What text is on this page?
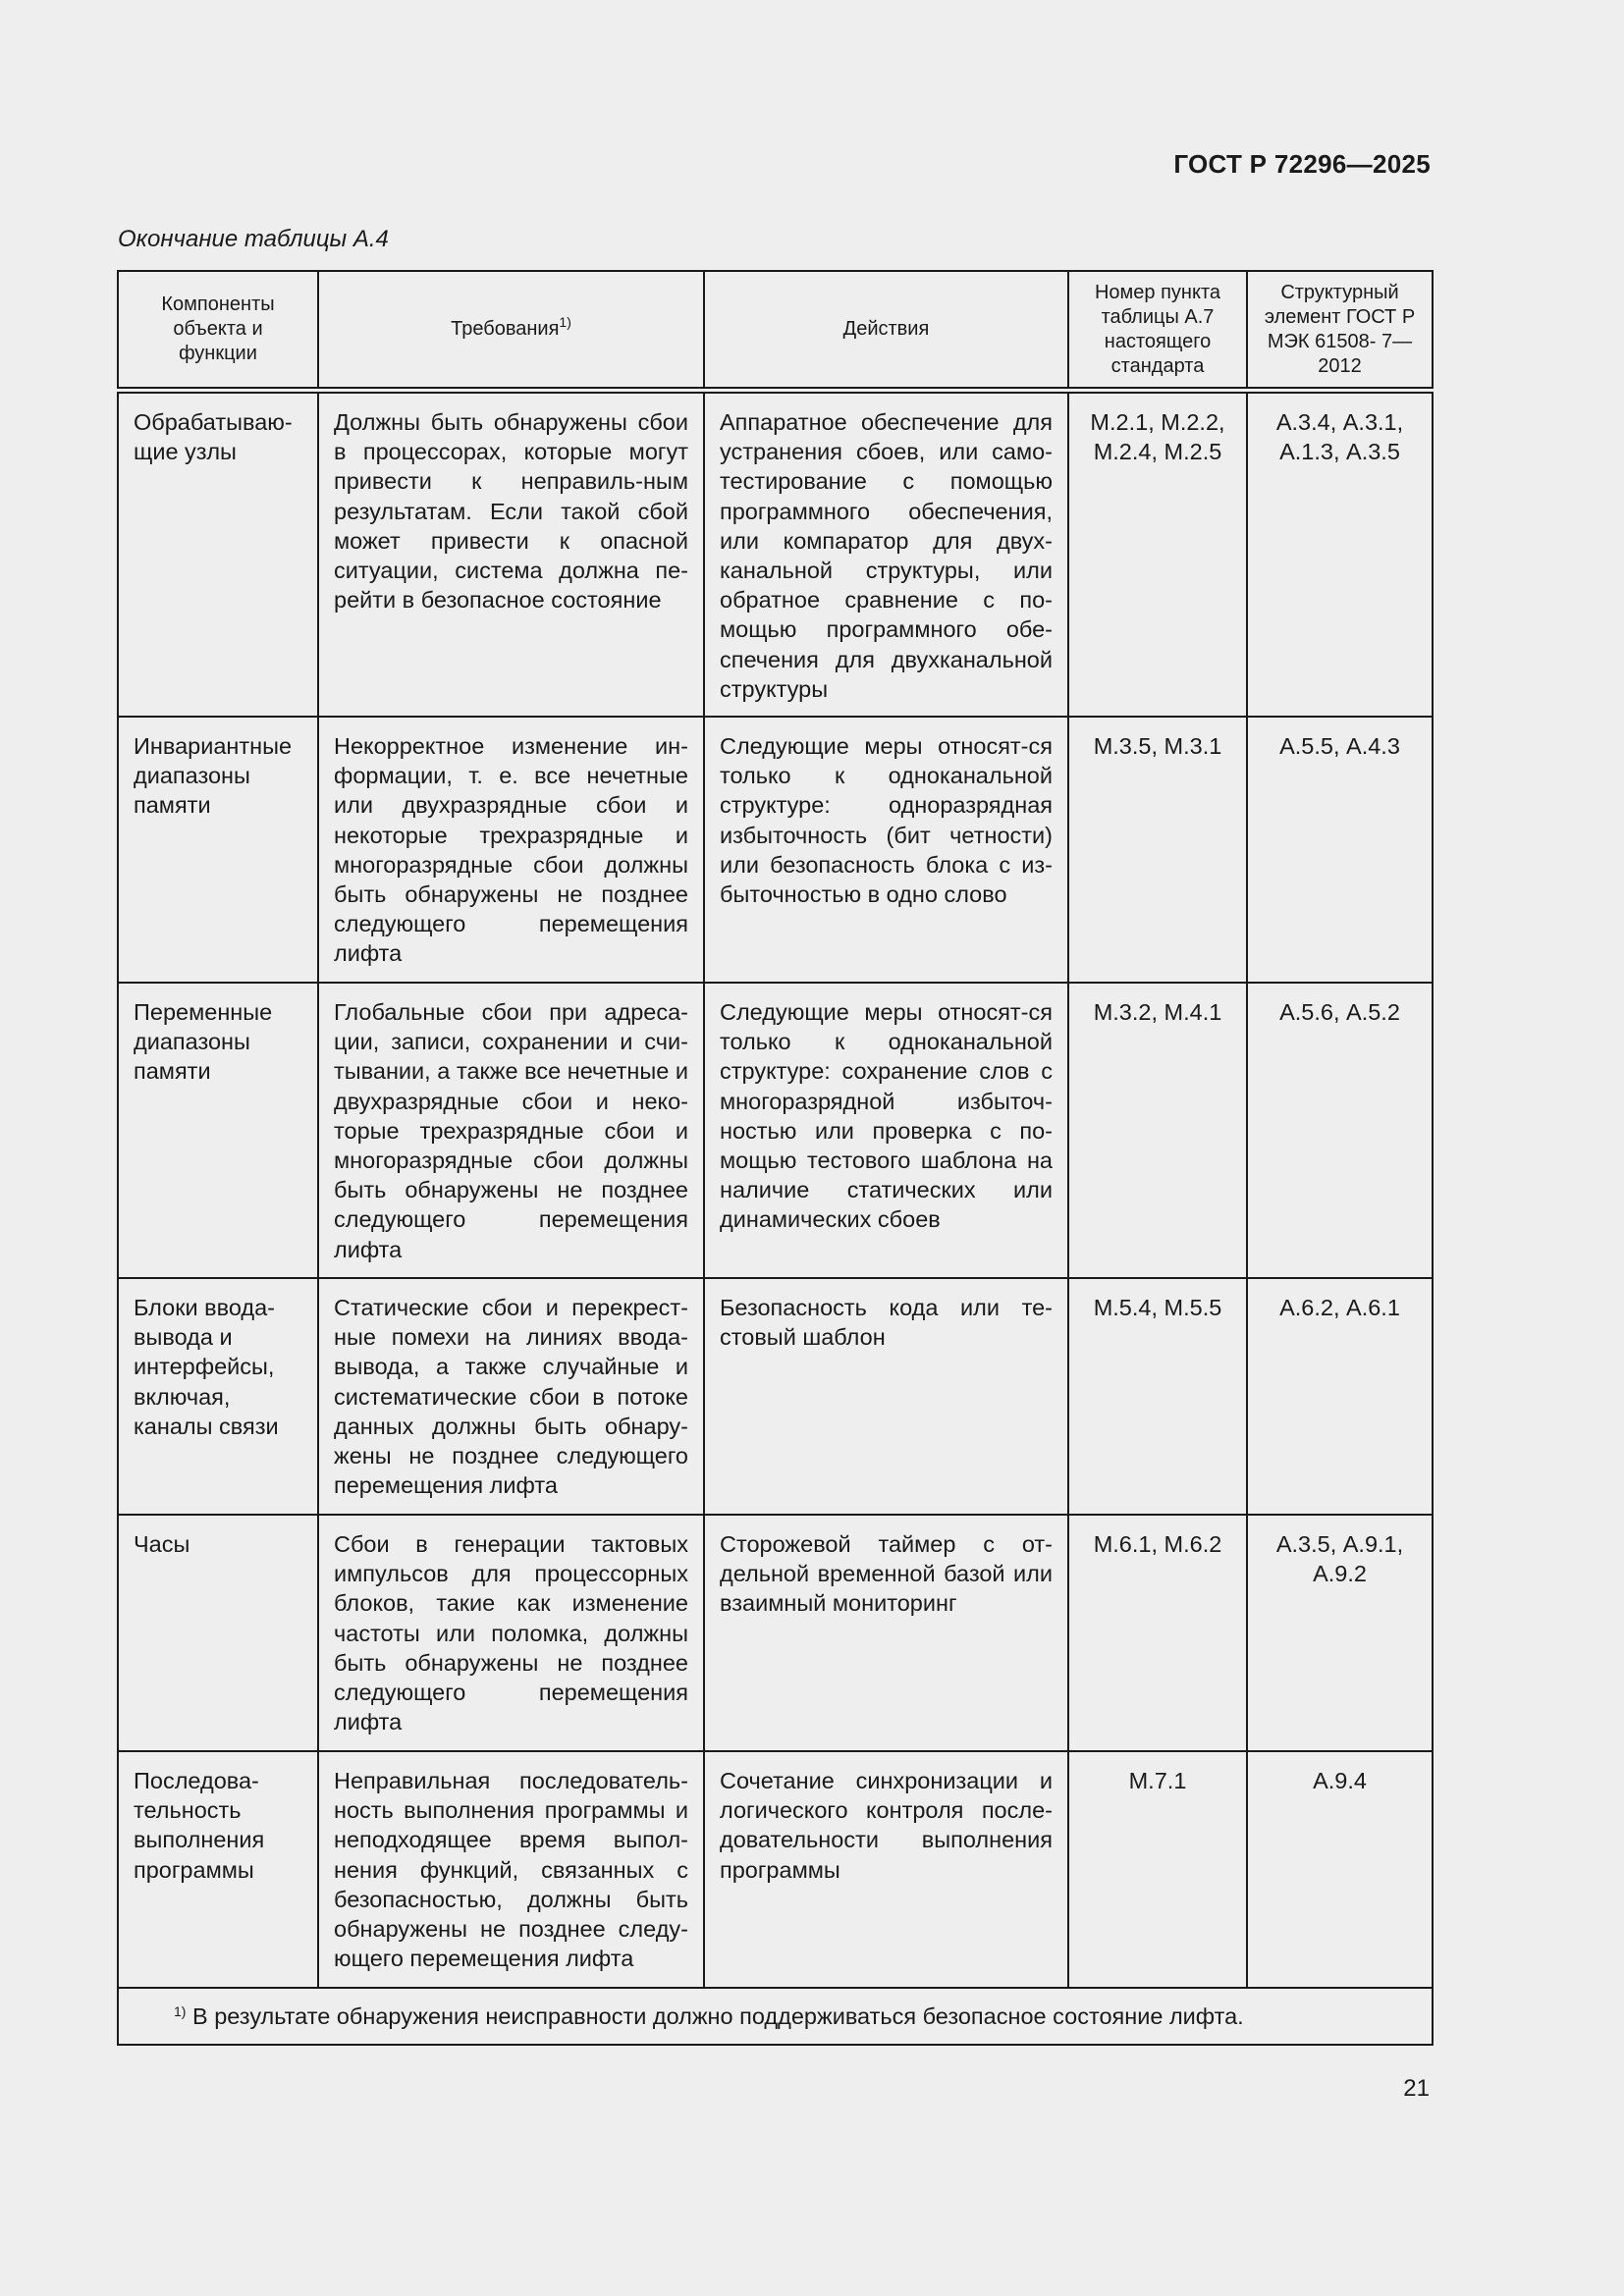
ГОСТ Р 72296—2025
Окончание таблицы А.4
Компоненты объекта и функции	Требования$^{1)}$	Действия	Номер пункта таблицы А.7 настоящего стандарта	Структурный элемент ГОСТ Р МЭК 61508- 7—2012

Обрабатываю-щие узлы	Должны быть обнаружены сбои в процессорах, которые могут привести к неправиль-ным результатам. Если такой сбой может привести к опасной ситуации, система должна пе-рейти в безопасное состояние	Аппаратное обеспечение для устранения сбоев, или само-тестирование с помощью программного обеспечения, или компаратор для двух-канальной структуры, или обратное сравнение с по-мощью программного обе-спечения для двухканальной структуры	М.2.1, М.2.2, М.2.4, М.2.5	А.3.4, А.3.1, А.1.3, А.3.5

Инвариантные диапазоны памяти	Некорректное изменение ин-формации, т. е. все нечетные или двухразрядные сбои и некоторые трехразрядные и многоразрядные сбои должны быть обнаружены не позднее следующего перемещения лифта	Следующие меры относят-ся только к одноканальной структуре: одноразрядная избыточность (бит четности) или безопасность блока с из-быточностью в одно слово	М.3.5, М.3.1	А.5.5, А.4.3

Переменные диапазоны памяти	Глобальные сбои при адреса-ции, записи, сохранении и счи-тывании, а также все нечетные и двухразрядные сбои и неко-торые трехразрядные сбои и многоразрядные сбои должны быть обнаружены не позднее следующего перемещения лифта	Следующие меры относят-ся только к одноканальной структуре: сохранение слов с многоразрядной избыточ-ностью или проверка с по-мощью тестового шаблона на наличие статических или динамических сбоев	М.3.2, М.4.1	А.5.6, А.5.2

Блоки ввода-вывода и интерфейсы, включая, каналы связи	Статические сбои и перекрест-ные помехи на линиях ввода-вывода, а также случайные и систематические сбои в потоке данных должны быть обнару-жены не позднее следующего перемещения лифта	Безопасность кода или те-стовый шаблон	М.5.4, М.5.5	А.6.2, А.6.1

Часы	Сбои в генерации тактовых импульсов для процессорных блоков, такие как изменение частоты или поломка, должны быть обнаружены не позднее следующего перемещения лифта	Сторожевой таймер с от-дельной временной базой или взаимный мониторинг	М.6.1, М.6.2	А.3.5, А.9.1, А.9.2

Последова-тельность выполнения программы	Неправильная последователь-ность выполнения программы и неподходящее время выпол-нения функций, связанных с безопасностью, должны быть обнаружены не позднее следу-ющего перемещения лифта	Сочетание синхронизации и логического контроля после-довательности выполнения программы	М.7.1	А.9.4

$^{1)}$ В результате обнаружения неисправности должно поддерживаться безопасное состояние лифта.				
21
